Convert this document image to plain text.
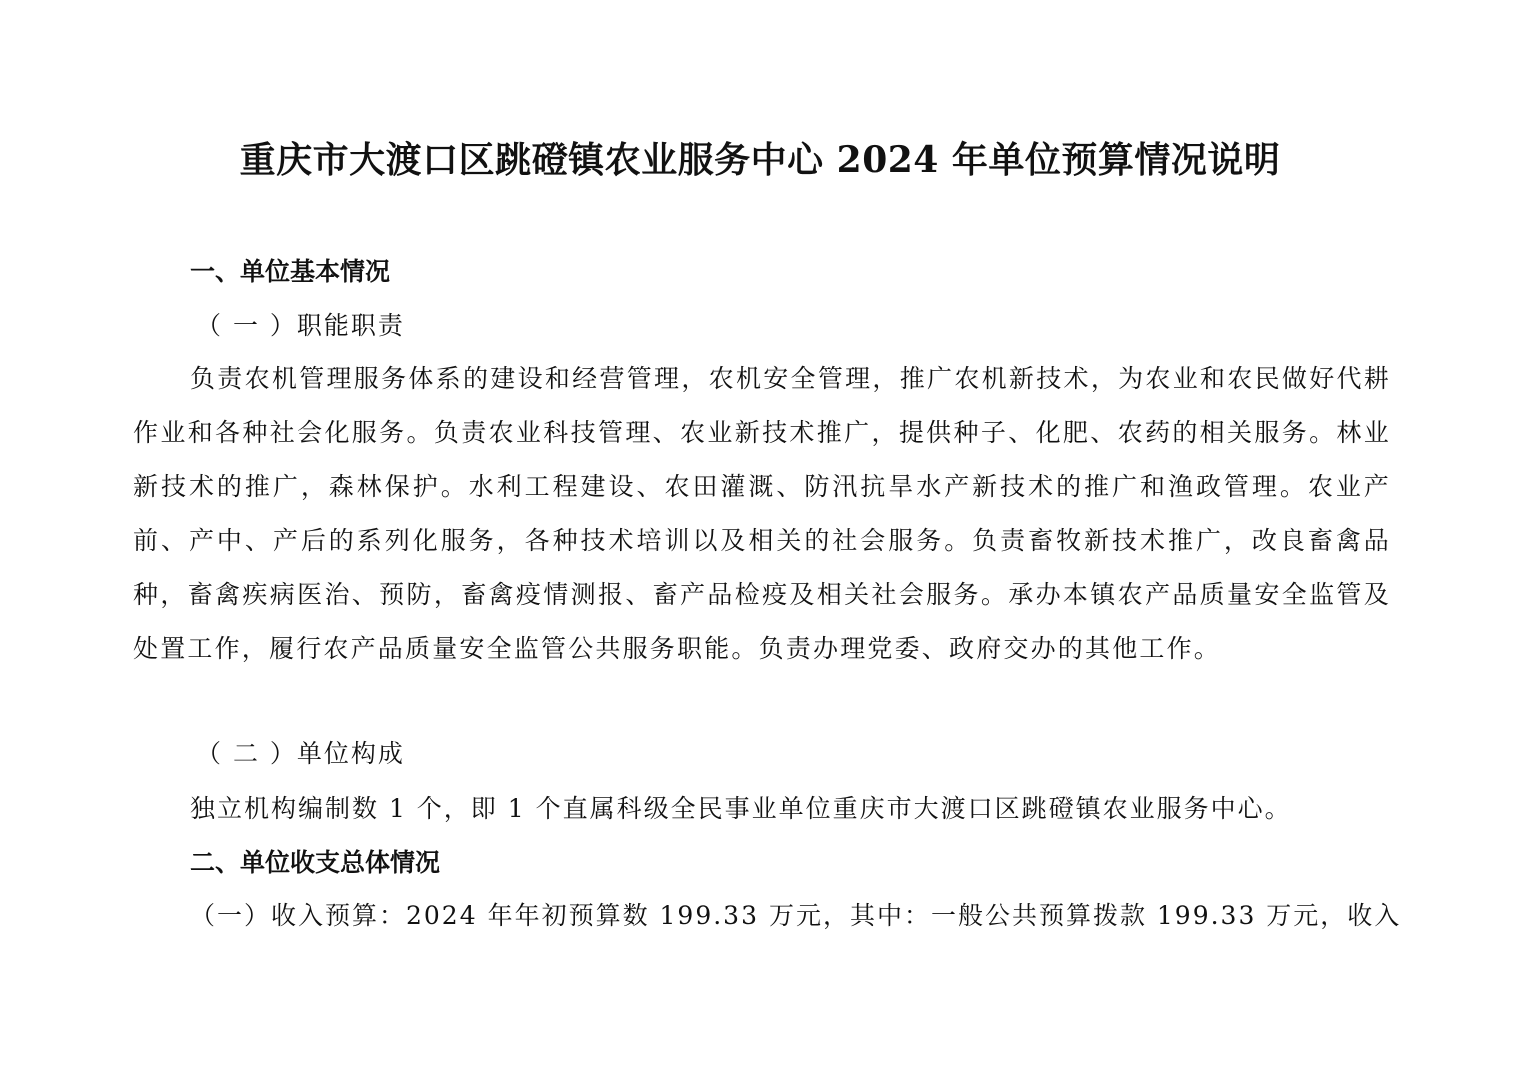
重庆市大渡口区跳磴镇农业服务中心 2024 年单位预算情况说明
一、单位基本情况
（ 一 ）职能职责
负责农机管理服务体系的建设和经营管理，农机安全管理，推广农机新技术，为农业和农民做好代耕作业和各种社会化服务。负责农业科技管理、农业新技术推广，提供种子、化肥、农药的相关服务。林业新技术的推广，森林保护。水利工程建设、农田灌溉、防汛抗旱水产新技术的推广和渔政管理。农业产前、产中、产后的系列化服务，各种技术培训以及相关的社会服务。负责畜牧新技术推广，改良畜禽品种，畜禽疾病医治、预防，畜禽疫情测报、畜产品检疫及相关社会服务。承办本镇农产品质量安全监管及处置工作，履行农产品质量安全监管公共服务职能。负责办理党委、政府交办的其他工作。
（ 二 ）单位构成
独立机构编制数 1 个，即 1 个直属科级全民事业单位重庆市大渡口区跳磴镇农业服务中心。
二、单位收支总体情况
（一）收入预算：2024 年年初预算数 199.33 万元，其中：一般公共预算拨款 199.33 万元，收入
